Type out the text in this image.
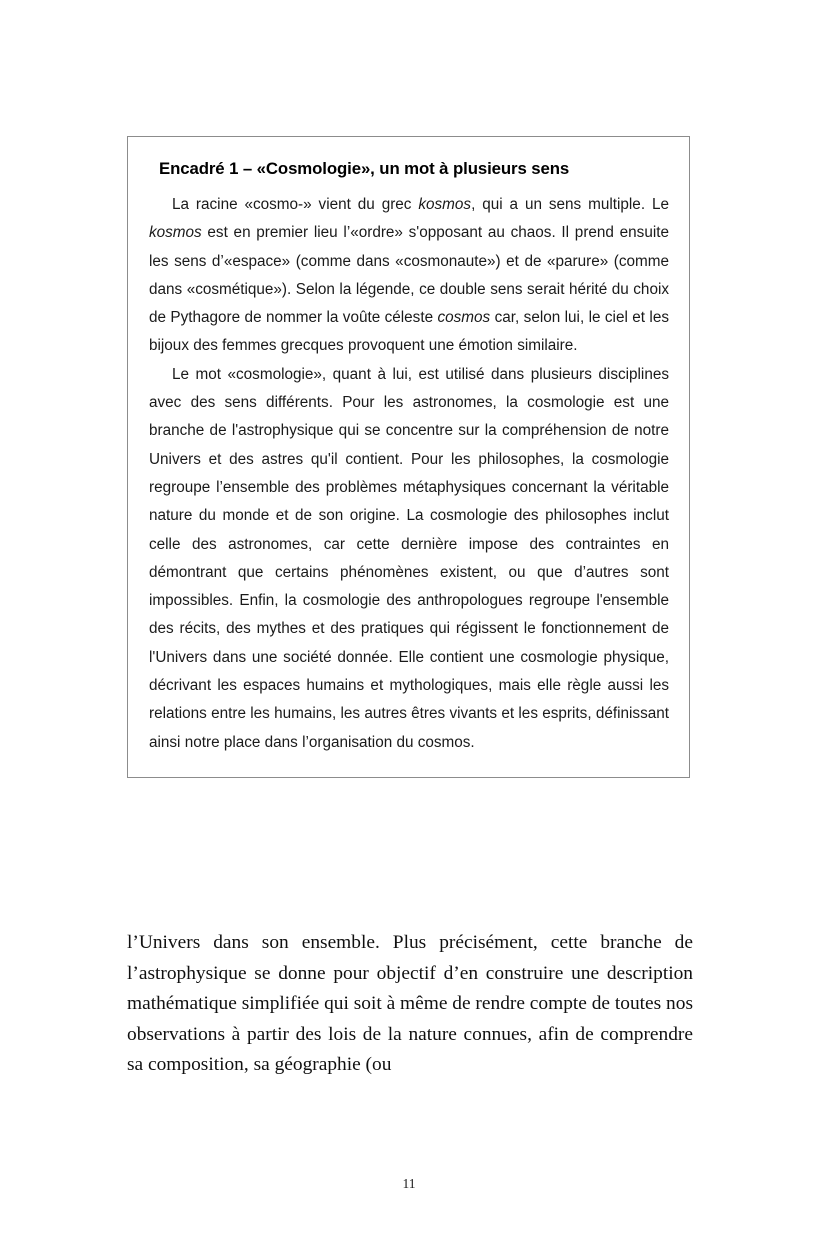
Encadré 1 – «Cosmologie», un mot à plusieurs sens

La racine «cosmo-» vient du grec kosmos, qui a un sens multiple. Le kosmos est en premier lieu l’«ordre» s'opposant au chaos. Il prend ensuite les sens d’«espace» (comme dans «cosmonaute») et de «parure» (comme dans «cosmétique»). Selon la légende, ce double sens serait hérité du choix de Pythagore de nommer la voûte céleste cosmos car, selon lui, le ciel et les bijoux des femmes grecques provoquent une émotion similaire.

Le mot «cosmologie», quant à lui, est utilisé dans plusieurs disciplines avec des sens différents. Pour les astronomes, la cosmologie est une branche de l'astrophysique qui se concentre sur la compréhension de notre Univers et des astres qu'il contient. Pour les philosophes, la cosmologie regroupe l’ensemble des problèmes métaphysiques concernant la véritable nature du monde et de son origine. La cosmologie des philosophes inclut celle des astronomes, car cette dernière impose des contraintes en démontrant que certains phénomènes existent, ou que d’autres sont impossibles. Enfin, la cosmologie des anthropologues regroupe l'ensemble des récits, des mythes et des pratiques qui régissent le fonctionnement de l'Univers dans une société donnée. Elle contient une cosmologie physique, décrivant les espaces humains et mythologiques, mais elle règle aussi les relations entre les humains, les autres êtres vivants et les esprits, définissant ainsi notre place dans l’organisation du cosmos.

l’Univers dans son ensemble. Plus précisément, cette branche de l’astrophysique se donne pour objectif d’en construire une description mathématique simplifiée qui soit à même de rendre compte de toutes nos observations à partir des lois de la nature connues, afin de comprendre sa composition, sa géographie (ou

11
